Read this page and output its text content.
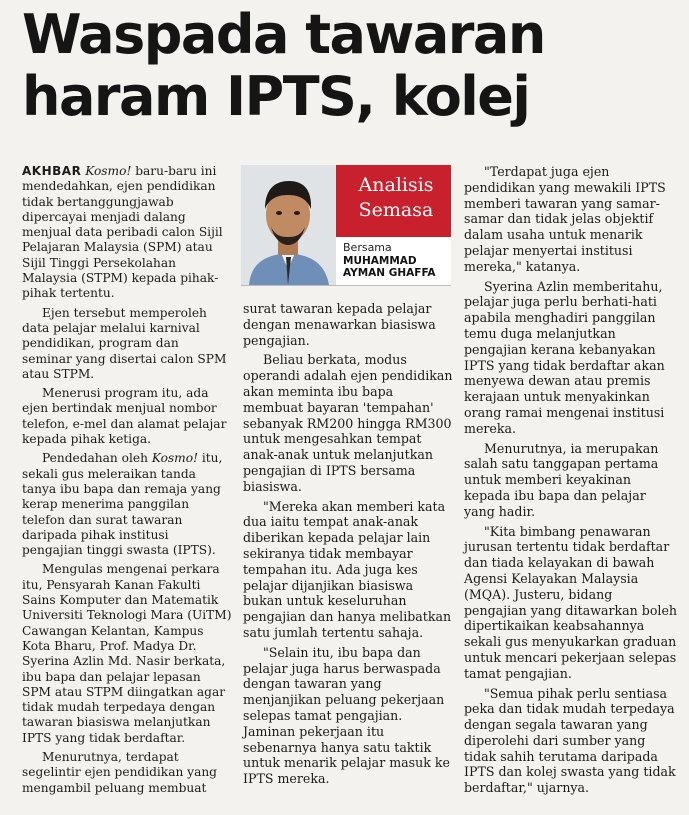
Waspada tawaran
haram IPTS, kolej

AKHBAR Kosmo! baru-baru ini mendedahkan, ejen pendidikan tidak bertanggungjawab dipercayai menjadi dalang menjual data peribadi calon Sijil Pelajaran Malaysia (SPM) atau Sijil Tinggi Persekolahan Malaysia (STPM) kepada pihak-pihak tertentu.

Ejen tersebut memperoleh data pelajar melalui karnival pendidikan, program dan seminar yang disertai calon SPM atau STPM.

Menerusi program itu, ada ejen bertindak menjual nombor telefon, e-mel dan alamat pelajar kepada pihak ketiga.

Pendedahan oleh Kosmo! itu, sekali gus meleraikan tanda tanya ibu bapa dan remaja yang kerap menerima panggilan telefon dan surat tawaran daripada pihak institusi pengajian tinggi swasta (IPTS).

Mengulas mengenai perkara itu, Pensyarah Kanan Fakulti Sains Komputer dan Matematik Universiti Teknologi Mara (UiTM) Cawangan Kelantan, Kampus Kota Bharu, Prof. Madya Dr. Syerina Azlin Md. Nasir berkata, ibu bapa dan pelajar lepasan SPM atau STPM diingatkan agar tidak mudah terpedaya dengan tawaran biasiswa melanjutkan IPTS yang tidak berdaftar.

Menurutnya, terdapat segelintir ejen pendidikan yang mengambil peluang membuat

Analisis
Semasa
Bersama
MUHAMMAD
AYMAN GHAFFA

surat tawaran kepada pelajar dengan menawarkan biasiswa pengajian.

Beliau berkata, modus operandi adalah ejen pendidikan akan meminta ibu bapa membuat bayaran 'tempahan' sebanyak RM200 hingga RM300 untuk mengesahkan tempat anak-anak untuk melanjutkan pengajian di IPTS bersama biasiswa.

"Mereka akan memberi kata dua iaitu tempat anak-anak diberikan kepada pelajar lain sekiranya tidak membayar tempahan itu. Ada juga kes pelajar dijanjikan biasiswa bukan untuk keseluruhan pengajian dan hanya melibatkan satu jumlah tertentu sahaja.

"Selain itu, ibu bapa dan pelajar juga harus berwaspada dengan tawaran yang menjanjikan peluang pekerjaan selepas tamat pengajian. Jaminan pekerjaan itu sebenarnya hanya satu taktik untuk menarik pelajar masuk ke IPTS mereka.

"Terdapat juga ejen pendidikan yang mewakili IPTS memberi tawaran yang samar-samar dan tidak jelas objektif dalam usaha untuk menarik pelajar menyertai institusi mereka," katanya.

Syerina Azlin memberitahu, pelajar juga perlu berhati-hati apabila menghadiri panggilan temu duga melanjutkan pengajian kerana kebanyakan IPTS yang tidak berdaftar akan menyewa dewan atau premis kerajaan untuk menyakinkan orang ramai mengenai institusi mereka.

Menurutnya, ia merupakan salah satu tanggapan pertama untuk memberi keyakinan kepada ibu bapa dan pelajar yang hadir.

"Kita bimbang penawaran jurusan tertentu tidak berdaftar dan tiada kelayakan di bawah Agensi Kelayakan Malaysia (MQA). Justeru, bidang pengajian yang ditawarkan boleh dipertikaikan keabsahannya sekali gus menyukarkan graduan untuk mencari pekerjaan selepas tamat pengajian.

"Semua pihak perlu sentiasa peka dan tidak mudah terpedaya dengan segala tawaran yang diperolehi dari sumber yang tidak sahih terutama daripada IPTS dan kolej swasta yang tidak berdaftar," ujarnya.
